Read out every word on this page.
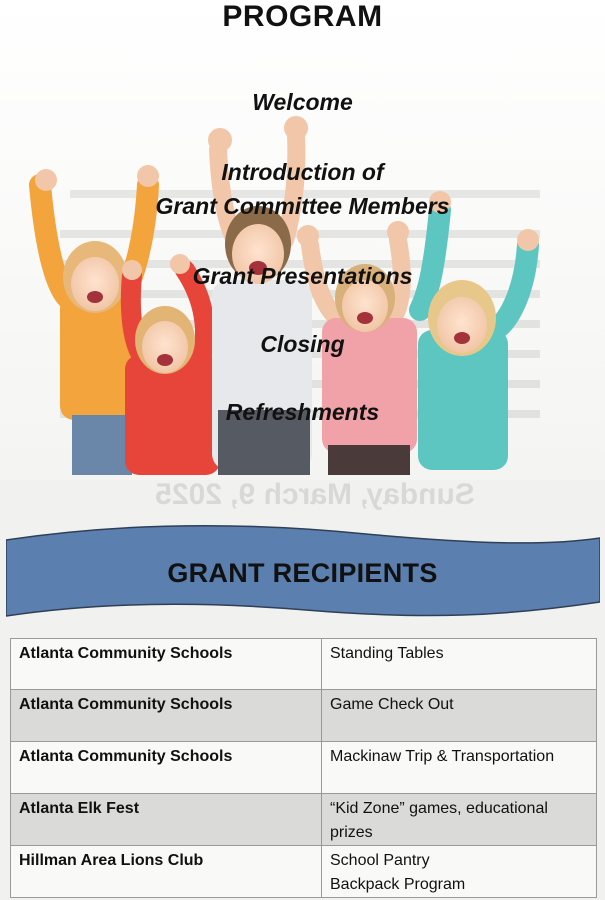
PROGRAM
Welcome
Introduction of
Grant Committee Members
Grant Presentations
Closing
Refreshments
Sunday, March 9, 2025
GRANT RECIPIENTS
Atlanta Community Schools	Standing Tables
Atlanta Community Schools	Game Check Out
Atlanta Community Schools	Mackinaw Trip & Transportation
Atlanta Elk Fest	“Kid Zone” games, educational
prizes

Hillman Area Lions Club	School Pantry
Backpack Program
